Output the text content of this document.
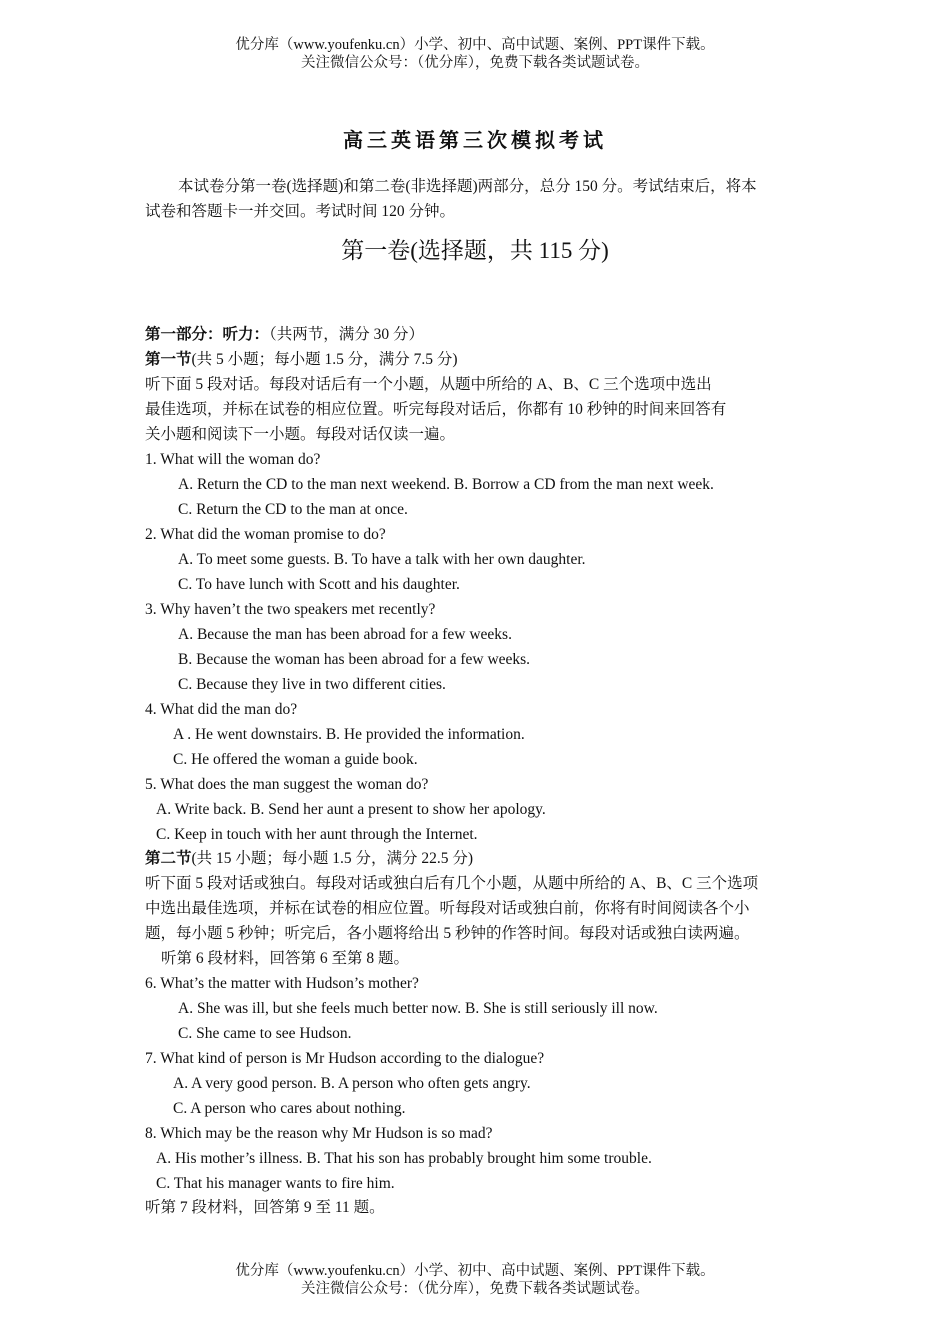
优分库（www.youfenku.cn）小学、初中、高中试题、案例、PPT课件下载。
关注微信公众号：（优分库），免费下载各类试题试卷。
高三英语第三次模拟考试
本试卷分第一卷(选择题)和第二卷(非选择题)两部分，总分 150 分。考试结束后，将本
试卷和答题卡一并交回。考试时间 120 分钟。
第一卷(选择题，共 115 分)
第一部分：听力：（共两节，满分 30 分）
第一节(共 5 小题；每小题 1.5 分，满分 7.5 分)
听下面 5 段对话。每段对话后有一个小题，从题中所给的 A、B、C 三个选项中选出
最佳选项，并标在试卷的相应位置。听完每段对话后，你都有 10 秒钟的时间来回答有
关小题和阅读下一小题。每段对话仅读一遍。
1. What will the woman do?
A. Return the CD to the man next weekend. B. Borrow a CD from the man next week.
C. Return the CD to the man at once.
2. What did the woman promise to do?
A. To meet some guests. B. To have a talk with her own daughter.
C. To have lunch with Scott and his daughter.
3. Why haven’t the two speakers met recently?
A. Because the man has been abroad for a few weeks.
B. Because the woman has been abroad for a few weeks.
C. Because they live in two different cities.
4. What did the man do?
A . He went downstairs. B. He provided the information.
C. He offered the woman a guide book.
5. What does the man suggest the woman do?
A. Write back. B. Send her aunt a present to show her apology.
C. Keep in touch with her aunt through the Internet.
第二节(共 15 小题；每小题 1.5 分，满分 22.5 分)
听下面 5 段对话或独白。每段对话或独白后有几个小题，从题中所给的 A、B、C 三个选项
中选出最佳选项，并标在试卷的相应位置。听每段对话或独白前，你将有时间阅读各个小
题，每小题 5 秒钟；听完后，各小题将给出 5 秒钟的作答时间。每段对话或独白读两遍。
听第 6 段材料，回答第 6 至第 8 题。
6. What’s the matter with Hudson’s mother?
A. She was ill, but she feels much better now. B. She is still seriously ill now.
C. She came to see Hudson.
7. What kind of person is Mr Hudson according to the dialogue?
A. A very good person. B. A person who often gets angry.
C. A person who cares about nothing.
8. Which may be the reason why Mr Hudson is so mad?
A. His mother’s illness. B. That his son has probably brought him some trouble.
C. That his manager wants to fire him.
听第 7 段材料，回答第 9 至 11 题。
优分库（www.youfenku.cn）小学、初中、高中试题、案例、PPT课件下载。
关注微信公众号：（优分库），免费下载各类试题试卷。
